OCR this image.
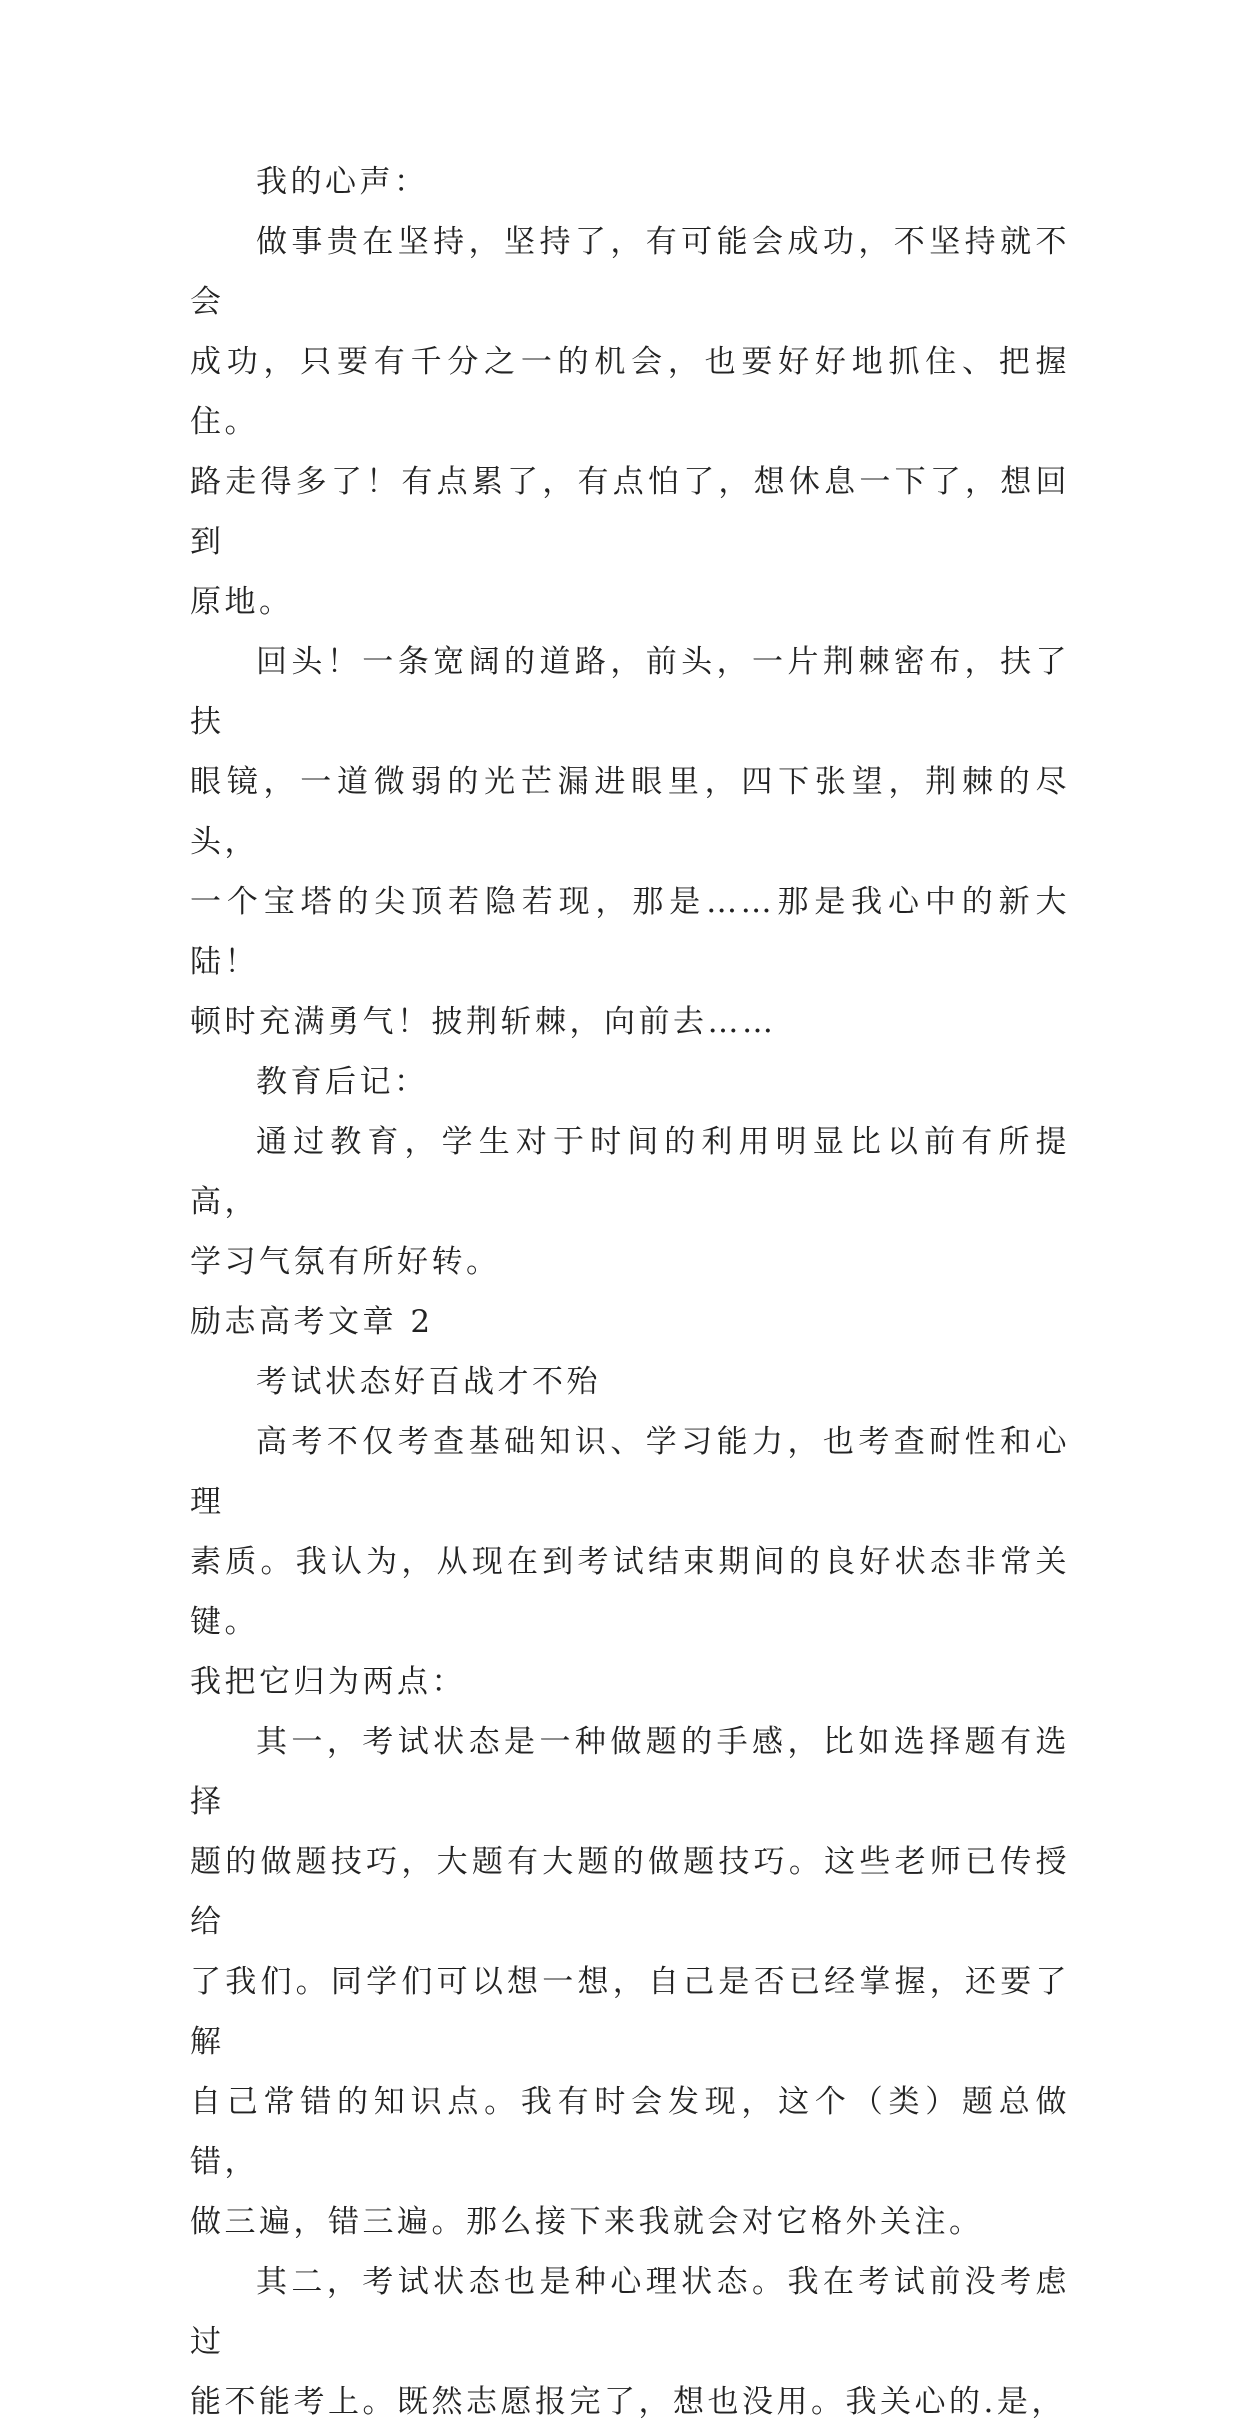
我的心声：

做事贵在坚持，坚持了，有可能会成功，不坚持就不会
成功，只要有千分之一的机会，也要好好地抓住、把握住。
路走得多了！有点累了，有点怕了，想休息一下了，想回到
原地。

回头！一条宽阔的道路，前头，一片荆棘密布，扶了扶
眼镜，一道微弱的光芒漏进眼里，四下张望，荆棘的尽头，
一个宝塔的尖顶若隐若现，那是……那是我心中的新大陆！
顿时充满勇气！披荆斩棘，向前去……

教育后记：

通过教育，学生对于时间的利用明显比以前有所提高，
学习气氛有所好转。

励志高考文章 2

考试状态好百战才不殆

高考不仅考查基础知识、学习能力，也考查耐性和心理
素质。我认为，从现在到考试结束期间的良好状态非常关键。
我把它归为两点：

其一，考试状态是一种做题的手感，比如选择题有选择
题的做题技巧，大题有大题的做题技巧。这些老师已传授给
了我们。同学们可以想一想，自己是否已经掌握，还要了解
自己常错的知识点。我有时会发现，这个（类）题总做错，
做三遍，错三遍。那么接下来我就会对它格外关注。

其二，考试状态也是种心理状态。我在考试前没考虑过
能不能考上。既然志愿报完了，想也没用。我关心的.是，
